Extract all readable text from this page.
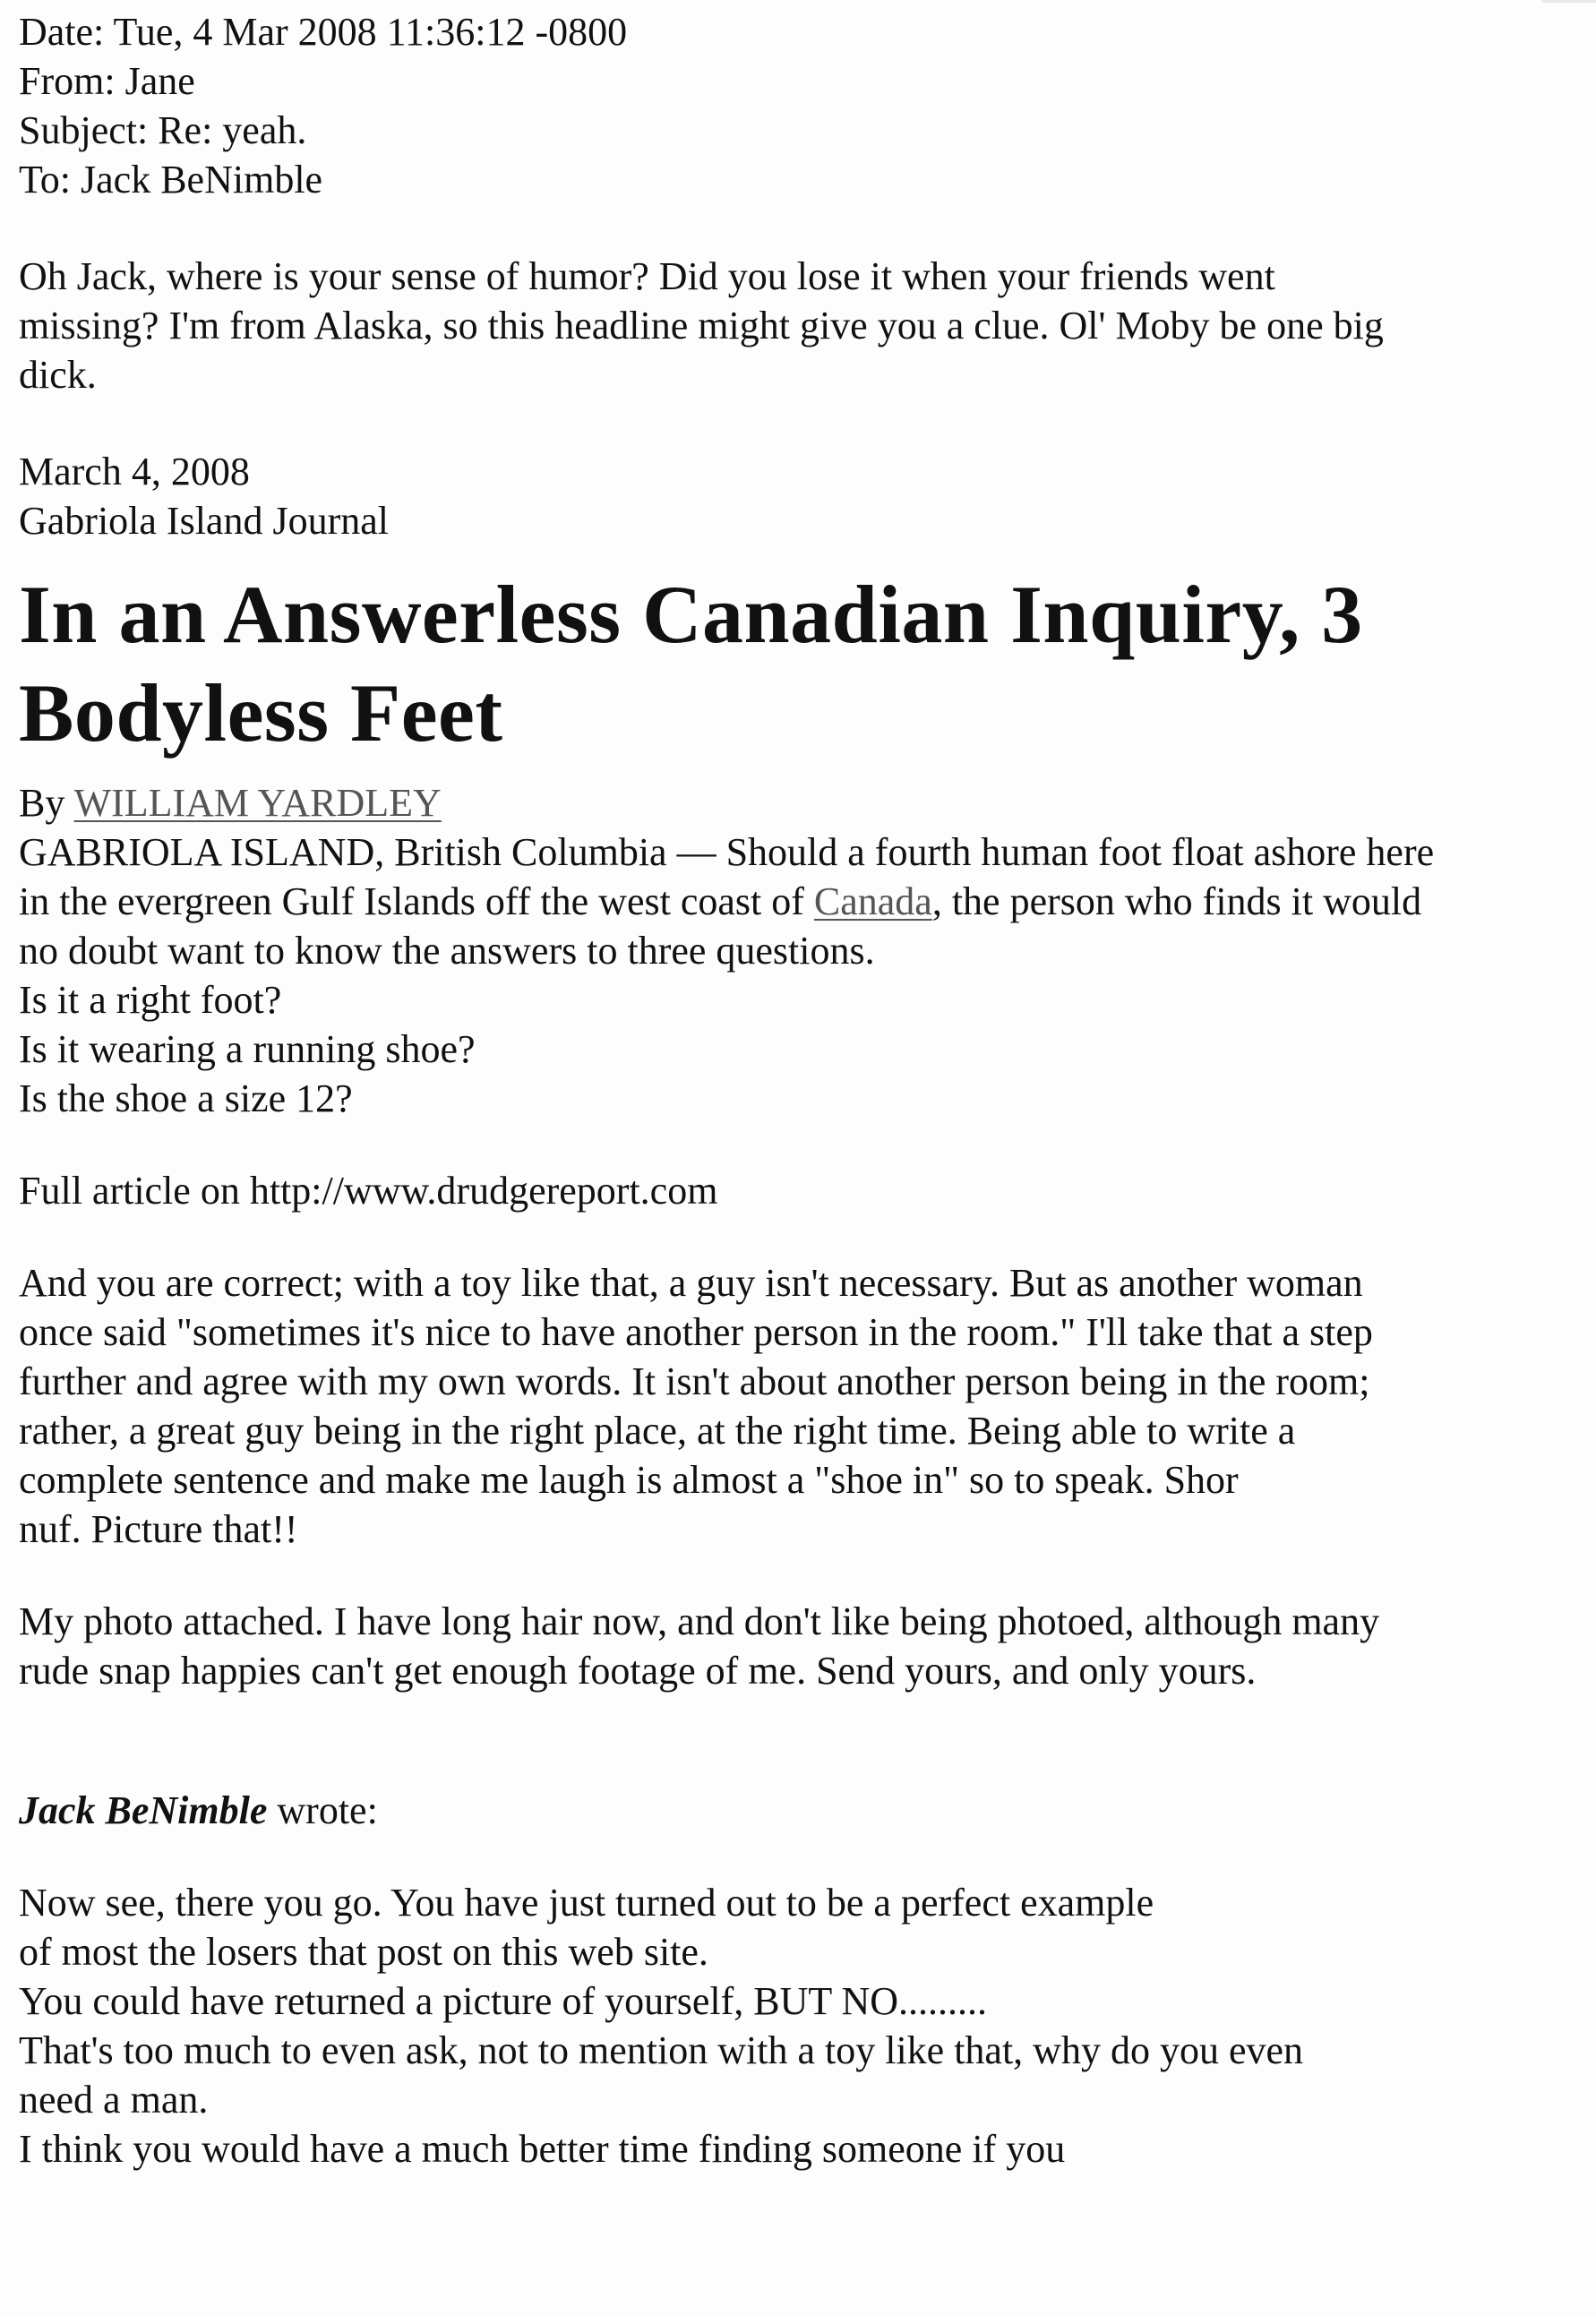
Date: Tue, 4 Mar 2008 11:36:12 -0800
From: Jane
Subject: Re: yeah.
To: Jack BeNimble
Oh Jack, where is your sense of humor? Did you lose it when your friends went
missing? I'm from Alaska, so this headline might give you a clue. Ol' Moby be one big
dick.
March 4, 2008
Gabriola Island Journal
In an Answerless Canadian Inquiry, 3
Bodyless Feet
By WILLIAM YARDLEY
GABRIOLA ISLAND, British Columbia — Should a fourth human foot float ashore here
in the evergreen Gulf Islands off the west coast of Canada, the person who finds it would
no doubt want to know the answers to three questions.
Is it a right foot?
Is it wearing a running shoe?
Is the shoe a size 12?
Full article on http://www.drudgereport.com
And you are correct; with a toy like that, a guy isn't necessary. But as another woman
once said "sometimes it's nice to have another person in the room." I'll take that a step
further and agree with my own words. It isn't about another person being in the room;
rather, a great guy being in the right place, at the right time. Being able to write a
complete sentence and make me laugh is almost a "shoe in" so to speak. Shor
nuf. Picture that!!
My photo attached. I have long hair now, and don't like being photoed, although many
rude snap happies can't get enough footage of me. Send yours, and only yours.
Jack BeNimble wrote:
Now see, there you go. You have just turned out to be a perfect example
of most the losers that post on this web site.
You could have returned a picture of yourself, BUT NO.........
That's too much to even ask, not to mention with a toy like that, why do you even
need a man.
I think you would have a much better time finding someone if you
